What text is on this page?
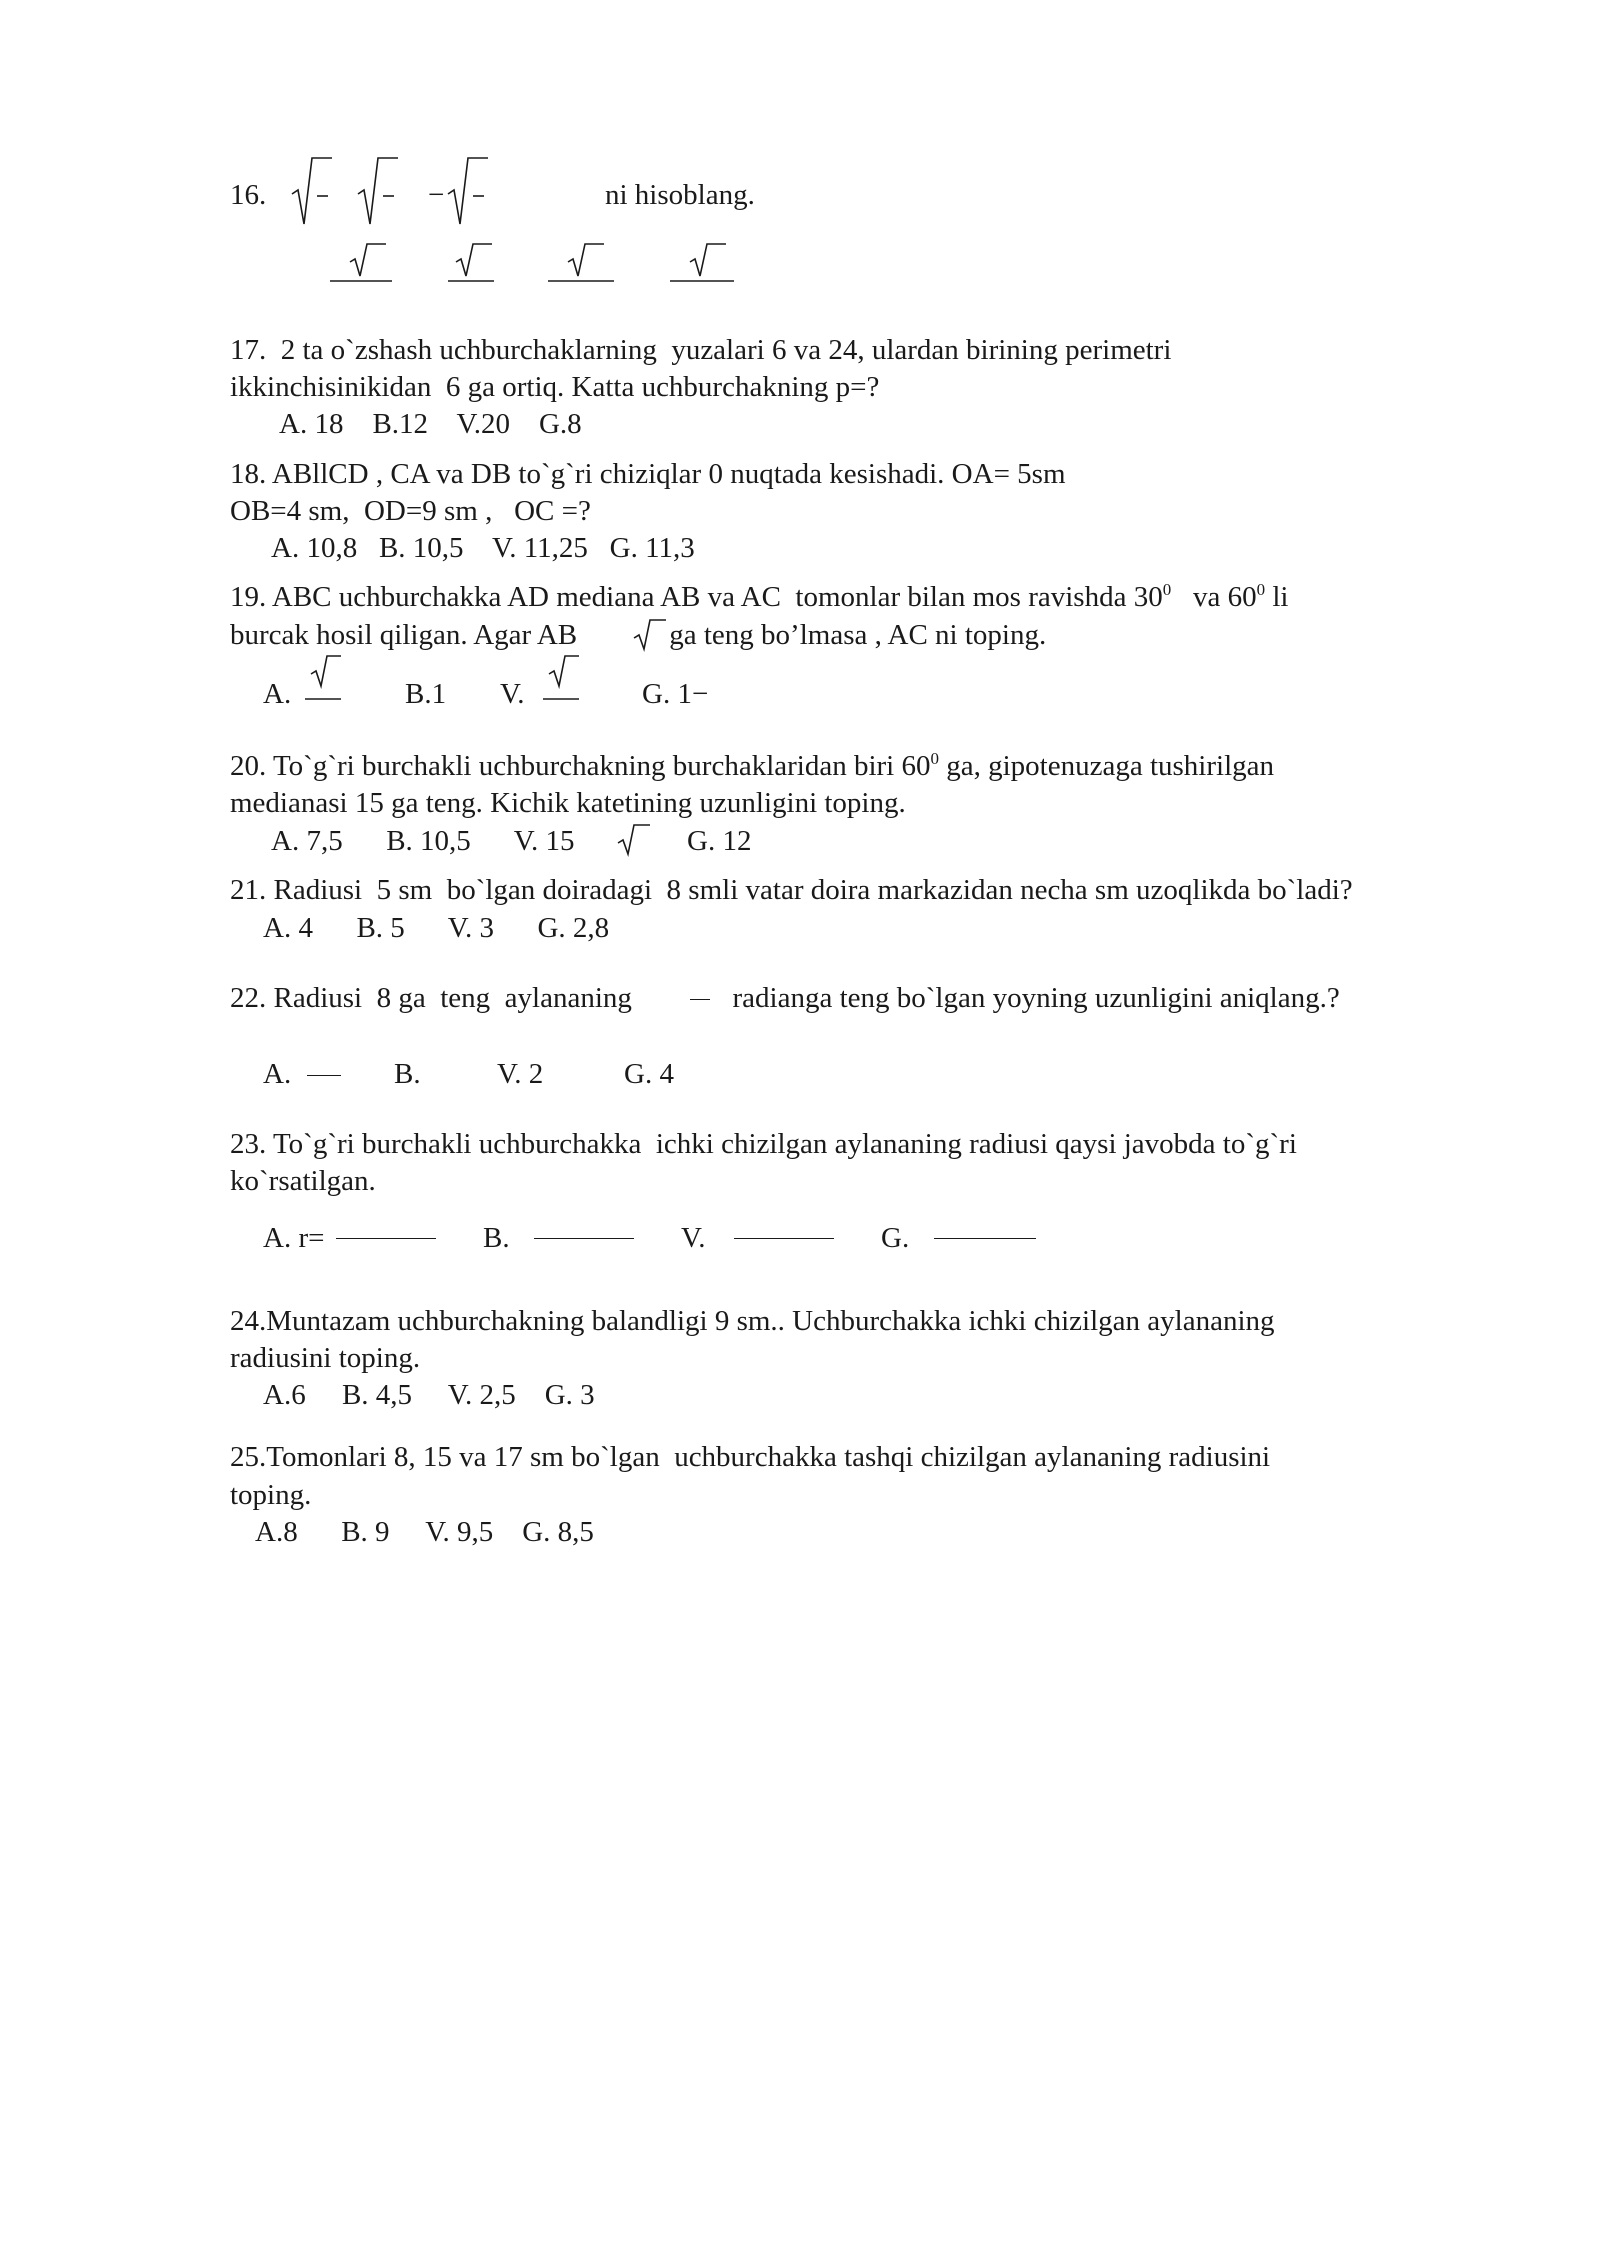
16.	−	ni hisoblang.
17.  2 ta o`zshash uchburchaklarning  yuzalari 6 va 24, ulardan birining perimetri
ikkinchisinikidan  6 ga ortiq. Katta uchburchakning p=?
A. 18    B.12    V.20    G.8
18. ABllCD , CA va DB to`g`ri chiziqlar 0 nuqtada kesishadi. OA= 5sm
OB=4 sm,  OD=9 sm ,   OC =?
A. 10,8   B. 10,5    V. 11,25   G. 11,3
19. ABC uchburchakka AD mediana AB va AC  tomonlar bilan mos ravishda $30^0$   va $60^0$ li
burcak hosil qiligan. Agar AB	ga teng bo’lmasa , AC ni toping.
A.	B.1 V.	G. 1−
20. To`g`ri burchakli uchburchakning burchaklaridan biri $60^0$ ga, gipotenuzaga tushirilgan
medianasi 15 ga teng. Kichik katetining uzunligini toping.
A. 7,5      B. 10,5      V. 15	G. 12
21. Radiusi  5 sm  bo`lgan doiradagi  8 smli vatar doira markazidan necha sm uzoqlikda bo`ladi?
A. 4      B. 5      V. 3      G. 2,8
22. Radiusi  8 ga  teng  aylananing	radianga teng bo`lgan yoyning uzunligini aniqlang.?
A.	B.	V. 2	G. 4
23. To`g`ri burchakli uchburchakka  ichki chizilgan aylananing radiusi qaysi javobda to`g`ri
ko`rsatilgan.
A. r=	B.	V.	G.
24.Muntazam uchburchakning balandligi 9 sm.. Uchburchakka ichki chizilgan aylananing
radiusini toping.
A.6     B. 4,5     V. 2,5    G. 3
25.Tomonlari 8, 15 va 17 sm bo`lgan  uchburchakka tashqi chizilgan aylananing radiusini
toping.
A.8      B. 9     V. 9,5    G. 8,5
